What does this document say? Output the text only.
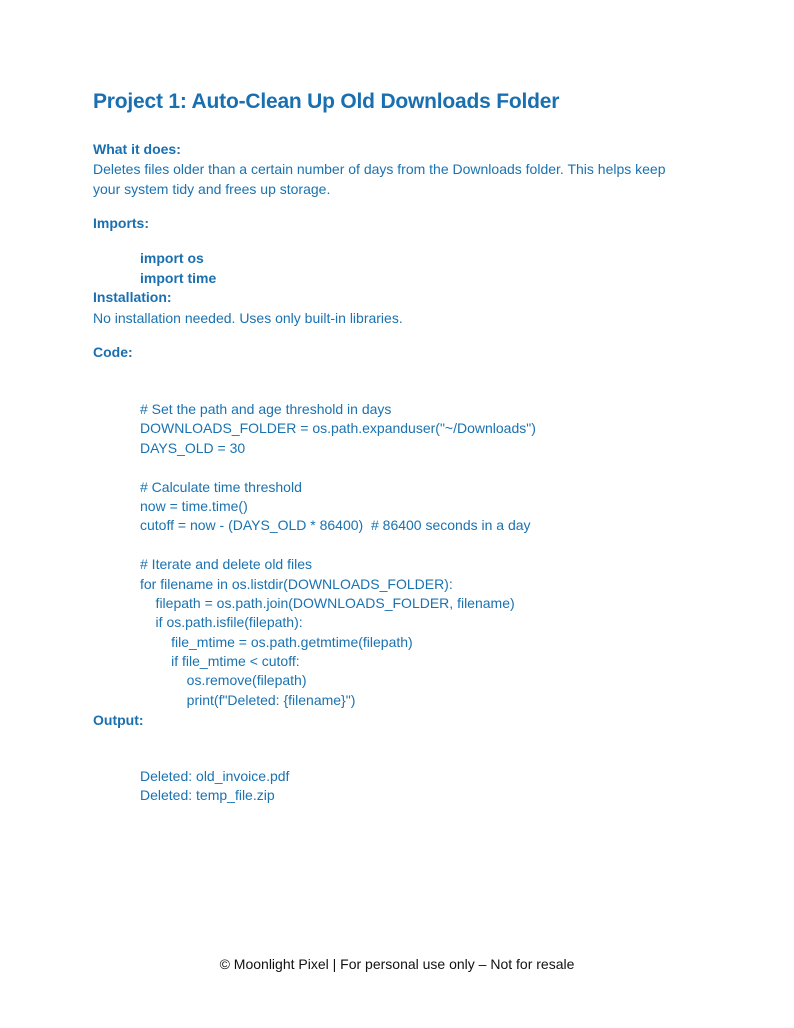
Project 1: Auto-Clean Up Old Downloads Folder
What it does:
Deletes files older than a certain number of days from the Downloads folder. This helps keep your system tidy and frees up storage.
Imports:
import os
import time
Installation:
No installation needed. Uses only built-in libraries.
Code:
# Set the path and age threshold in days
DOWNLOADS_FOLDER = os.path.expanduser("~/Downloads")
DAYS_OLD = 30
# Calculate time threshold
now = time.time()
cutoff = now - (DAYS_OLD * 86400)  # 86400 seconds in a day
# Iterate and delete old files
for filename in os.listdir(DOWNLOADS_FOLDER):
filepath = os.path.join(DOWNLOADS_FOLDER, filename)
if os.path.isfile(filepath):
file_mtime = os.path.getmtime(filepath)
if file_mtime < cutoff:
os.remove(filepath)
print(f"Deleted: {filename}")
Output:
Deleted: old_invoice.pdf
Deleted: temp_file.zip
© Moonlight Pixel | For personal use only – Not for resale
